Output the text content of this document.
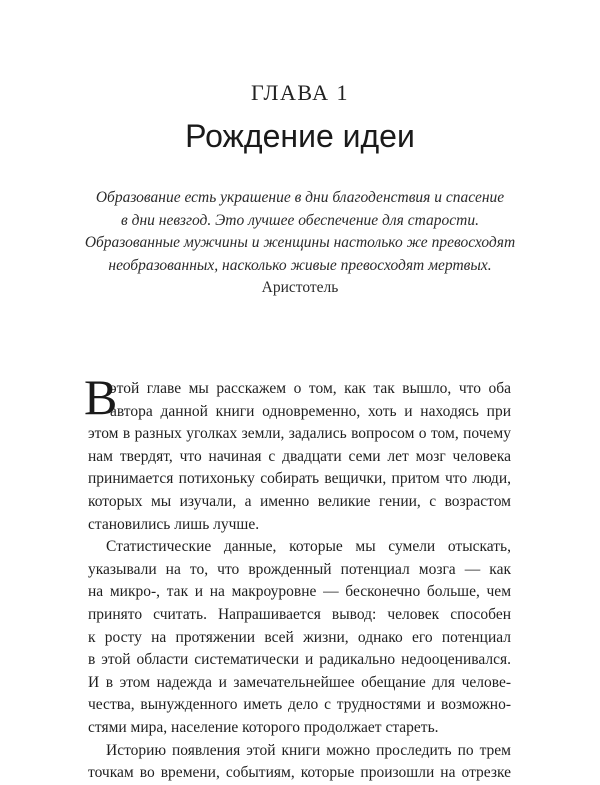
ГЛАВА 1
Рождение идеи
Образование есть украшение в дни благоденствия и спасение
в дни невзгод. Это лучшее обеспечение для старости.
Образованные мужчины и женщины настолько же превосходят
необразованных, насколько живые превосходят мертвых.
Аристотель
В
этой главе мы расскажем о том, как так вышло, что оба
автора данной книги одновременно, хоть и находясь при
этом в разных уголках земли, задались вопросом о том, почему
нам твердят, что начиная с двадцати семи лет мозг человека
принимается потихоньку собирать вещички, притом что люди,
которых мы изучали, а именно великие гении, с возрастом
становились лишь лучше.
Статистические данные, которые мы сумели отыскать,
указывали на то, что врожденный потенциал мозга — как
на микро-, так и на макроуровне — бесконечно больше, чем
принято считать. Напрашивается вывод: человек способен
к росту на протяжении всей жизни, однако его потенциал
в этой области систематически и радикально недооценивался.
И в этом надежда и замечательнейшее обещание для челове-
чества, вынужденного иметь дело с трудностями и возможно-
стями мира, население которого продолжает стареть.
Историю появления этой книги можно проследить по трем
точкам во времени, событиям, которые произошли на отрезке
